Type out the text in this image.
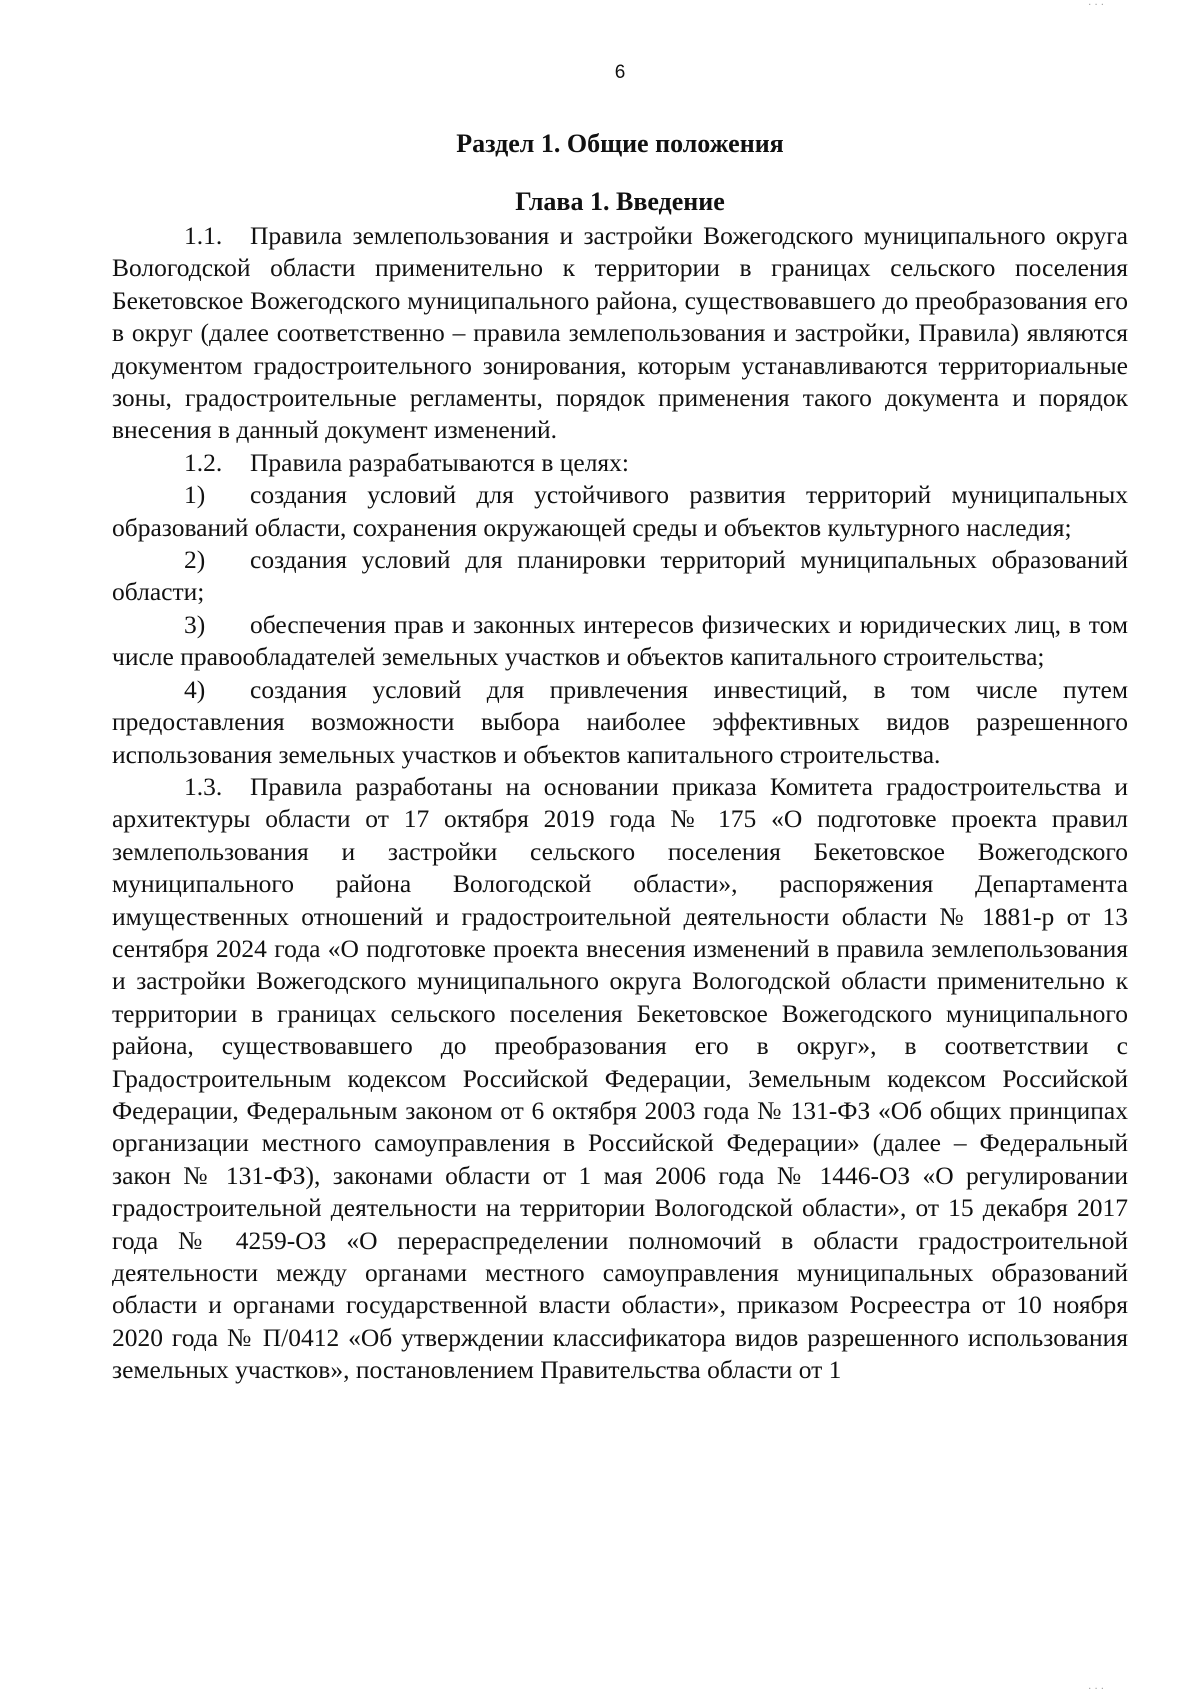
· · ·
6
Раздел 1. Общие положения
Глава 1. Введение

1.1. Правила землепользования и застройки Вожегодского муниципального округа Вологодской области применительно к территории в границах сельского поселения Бекетовское Вожегодского муниципального района, существовавшего до преобразования его в округ (далее соответственно – правила землепользования и застройки, Правила) являются документом градостроительного зонирования, которым устанавливаются территориальные зоны, градостроительные регламенты, порядок применения такого документа и порядок внесения в данный документ изменений.

1.2. Правила разрабатываются в целях:

1) создания условий для устойчивого развития территорий муниципальных образований области, сохранения окружающей среды и объектов культурного наследия;

2) создания условий для планировки территорий муниципальных образований области;

3) обеспечения прав и законных интересов физических и юридических лиц, в том числе правообладателей земельных участков и объектов капитального строительства;

4) создания условий для привлечения инвестиций, в том числе путем предоставления возможности выбора наиболее эффективных видов разрешенного использования земельных участков и объектов капитального строительства.

1.3. Правила разработаны на основании приказа Комитета градостроительства и архитектуры области от 17 октября 2019 года № 175 «О подготовке проекта правил землепользования и застройки сельского поселения Бекетовское Вожегодского муниципального района Вологодской области», распоряжения Департамента имущественных отношений и градостроительной деятельности области № 1881-р от 13 сентября 2024 года «О подготовке проекта внесения изменений в правила землепользования и застройки Вожегодского муниципального округа Вологодской области применительно к территории в границах сельского поселения Бекетовское Вожегодского муниципального района, существовавшего до преобразования его в округ», в соответствии с Градостроительным кодексом Российской Федерации, Земельным кодексом Российской Федерации, Федеральным законом от 6 октября 2003 года № 131-ФЗ «Об общих принципах организации местного самоуправления в Российской Федерации» (далее – Федеральный закон № 131-ФЗ), законами области от 1 мая 2006 года № 1446-ОЗ «О регулировании градостроительной деятельности на территории Вологодской области», от 15 декабря 2017 года № 4259-ОЗ «О перераспределении полномочий в области градостроительной деятельности между органами местного самоуправления муниципальных образований области и органами государственной власти области», приказом Росреестра от 10 ноября 2020 года № П/0412 «Об утверждении классификатора видов разрешенного использования земельных участков», постановлением Правительства области от 1

· · ·
